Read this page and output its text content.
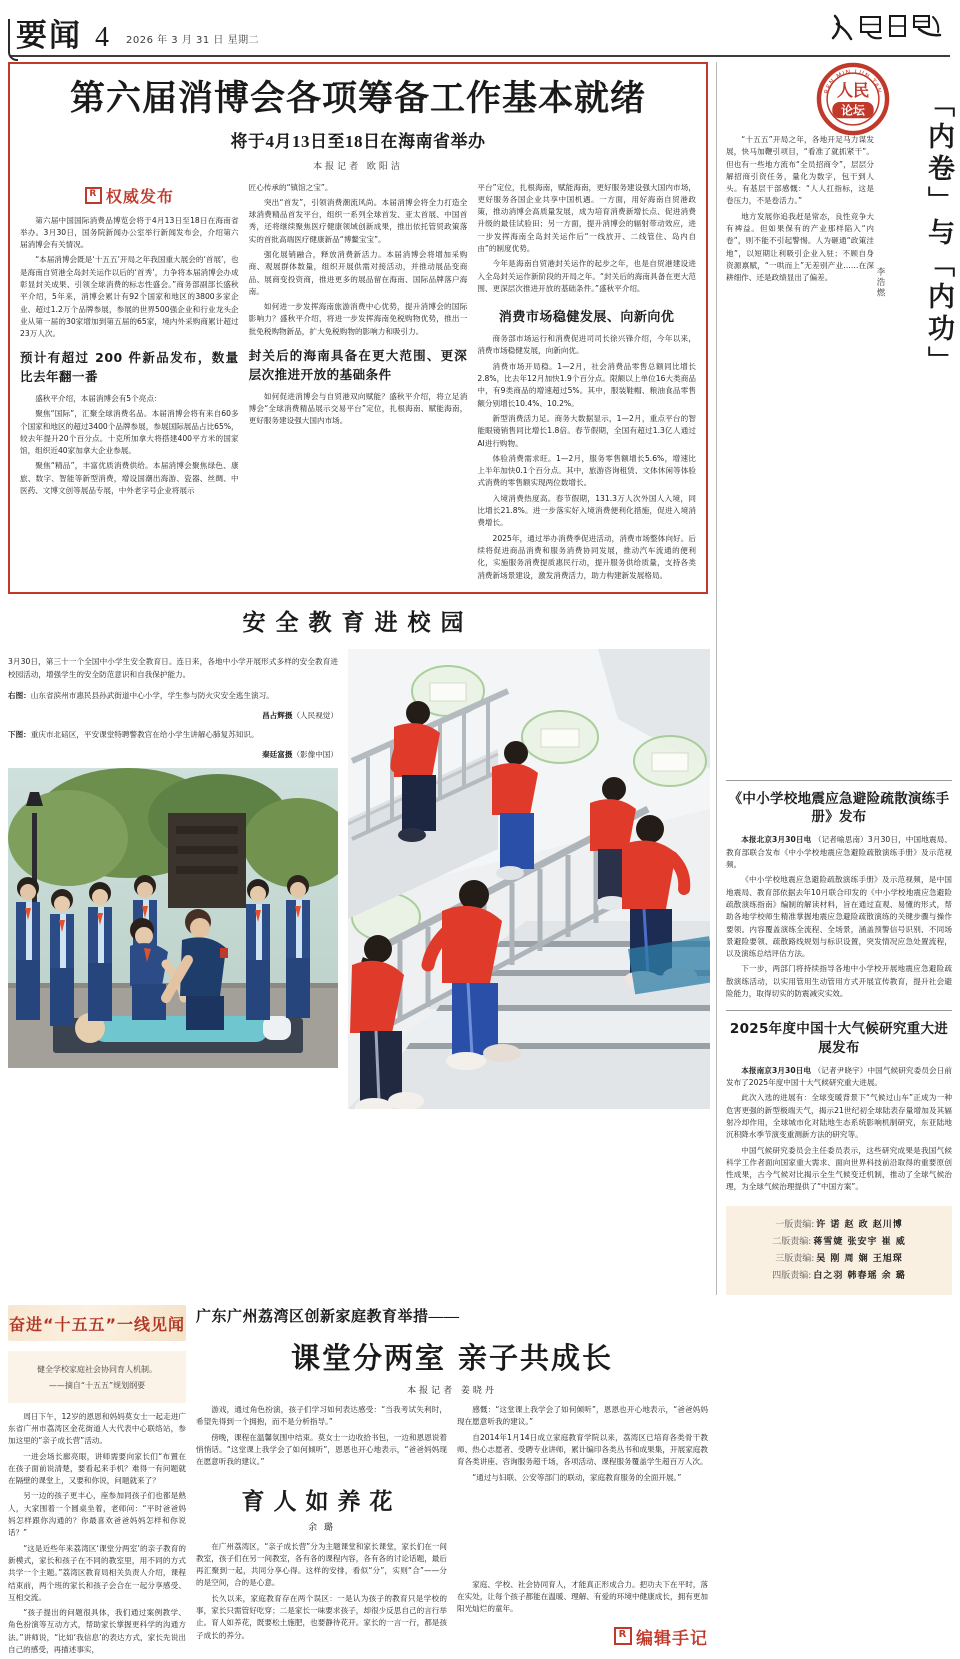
要闻 4 2026 年 3 月 31 日 星期二
第六届消博会各项筹备工作基本就绪
将于4月13日至18日在海南省举办
本报记者 欧阳洁
R 权威发布

第六届中国国际消费品博览会将于4月13日至18日在海南省举办。3月30日，国务院新闻办公室举行新闻发布会，介绍第六届消博会有关情况。

“本届消博会既是‘十五五’开局之年我国重大展会的‘首展’，也是海南自贸港全岛封关运作以后的‘首秀’，力争将本届消博会办成彰显封关成果、引领全球消费的标志性盛会。”商务部副部长盛秋平介绍，5年来，消博会累计有92个国家和地区的3800多家企业、超过1.2万个品牌参展，参展的世界500强企业和行业龙头企业从第一届的30家增加到第五届的65家，境内外采购商累计超过23万人次。

预计有超过 200 件新品发布，数量比去年翻一番

盛秋平介绍，本届消博会有5个亮点：

聚焦“国际”，汇聚全球消费名品。本届消博会将有来自60多个国家和地区的超过3400个品牌参展，参展国际展品占比65%，较去年提升20个百分点。十克所加拿大将搭建400平方米的国家馆，组织近40家加拿大企业参展。

聚焦“精品”，丰富优质消费供给。本届消博会聚焦绿色、康旅、数字、智能等新型消费，增设国潮出海游、瓷器、丝绸、中医药、文博文创等展品专展，中外老字号企业将展示

匠心传承的“镇馆之宝”。

突出“首发”，引领消费潮流风尚。本届消博会将全力打造全球消费精品首发平台，组织一系列全球首发、亚太首展、中国首秀，还将继续聚焦医疗健康领域创新成果，推出依托管贸政策落实的首批高端医疗健康新品“博鳌宝宝”。

强化展销融合，释放消费新活力。本届消博会将增加采购商、观展群体数量，组织开展供需对接活动，并推动展品变商品、展商变投资商，推进更多的展品留在海南、国际品牌落户海南。

如何进一步发挥海南旅游消费中心优势，提升消博会的国际影响力？盛秋平介绍，将进一步发挥海南免税购物优势，推出一批免税购物新品，扩大免税购物的影响力和吸引力。

封关后的海南具备在更大范围、更深层次推进开放的基础条件

如何促进消博会与自贸港双向赋能？盛秋平介绍，将立足消博会“全球消费精品展示交易平台”定位，扎根海南、赋能海南，更好服务建设强大国内市场。

平台”定位，扎根海南，赋能海南，更好服务建设强大国内市场，更好服务各国企业共享中国机遇。一方面，用好海南自贸港政策，推动消博会高质量发展，成为培育消费新增长点、促进消费升级的最佳试验田；另一方面，提升消博会的辐射带动效应，进一步发挥海南全岛封关运作后“一线放开、二线管住、岛内自由”的制度优势。

今年是海南自贸港封关运作的起步之年，也是自贸港建设进入全岛封关运作新阶段的开局之年。“封关后的海南具备在更大范围、更深层次推进开放的基础条件。”盛秋平介绍。

消费市场稳健发展、向新向优

商务部市场运行和消费促进司司长徐兴锋介绍，今年以来，消费市场稳健发展，向新向优。

消费市场开局稳。1—2月，社会消费品零售总额同比增长2.8%，比去年12月加快1.9个百分点。限额以上单位16大类商品中，有9类商品的增速超过5%。其中，服装鞋帽、粮油食品零售额分别增长10.4%、10.2%。

新型消费活力足。商务大数据显示，1—2月，重点平台的智能眼镜销售同比增长1.8倍。春节假期，全国有超过1.3亿人通过AI进行购物。

体验消费需求旺。1—2月，服务零售额增长5.6%，增速比上半年加快0.1个百分点。其中，旅游咨询租赁、文体休闲等体验式消费的零售额实现两位数增长。

入境消费热度高。春节假期，131.3万人次外国人入境，同比增长21.8%。进一步落实好入境消费便利化措施，促进入境消费增长。

2025年，通过举办消费季促进活动，消费市场整体向好。后续将促进商品消费和服务消费协同发展，推动汽车流通的便利化，实施服务消费提质惠民行动，提升服务供给质量，支持各类消费新场景建设，激发消费活力，助力构建新发展格局。

安全教育进校园

3月30日，第三十一个全国中小学生安全教育日。连日来，各地中小学开展形式多样的安全教育进校园活动，增强学生的安全防范意识和自我保护能力。

右图：山东省滨州市惠民县孙武街道中心小学，学生参与防火灾安全逃生演习。

昌占辉摄（人民视觉）

下图：重庆市北碚区，平安课堂特聘警教官在给小学生讲解心肺复苏知识。

秦廷富摄（影像中国）

REN MIN LUN TAN
人民
论坛

“十五五”开局之年，各地开足马力谋发展，快马加鞭引项目，“看准了就抓紧干”。但也有一些地方流布“全员招商令”，层层分解招商引资任务，量化为数字，包干到人头。有基层干部感慨：“人人扛指标，这是卷压力，不是卷活力。”

地方发展你追我赶是常态，良性竞争大有裨益。但如果保有的产业那样陷入“内卷”，则不能不引起警惕。人为砸通“政策洼地”，以短期让利吸引企业入驻；不顾自身资源禀赋，“一哄而上”无差别产业……在深耕细作、还是政绩显出了偏差。	「内卷」与「内功」
李浩燃
《中小学校地震应急避险疏散演练手册》发布

本报北京3月30日电 （记者喻思南）3月30日，中国地震局、教育部联合发布《中小学校地震应急避险疏散演练手册》及示范视频。

《中小学校地震应急避险疏散演练手册》及示范视频，是中国地震局、教育部依据去年10月联合印发的《中小学校地震应急避险疏散演练指南》编制的解读材料，旨在通过直观、易懂的形式，帮助各地学校师生精准掌握地震应急避险疏散演练的关键步骤与操作要领。内容覆盖演练全流程、全场景，涵盖预警信号识别、不同场景避险要领、疏散路线规划与标识设置，突发情况应急处置流程，以及演练总结评估方法。

下一步，两部门将持续指导各地中小学校开展地震应急避险疏散演练活动，以实用管用生动管用方式开展宣传教育，提升社会避险能力，取得切实的防震减灾实效。

2025年度中国十大气候研究重大进展发布

本报南京3月30日电 （记者尹晓宇）中国气候研究委员会日前发布了2025年度中国十大气候研究重大进展。

此次入选的进展有：全球变暖背景下“气候过山车”正成为一种危害更强的新型极端天气，揭示21世纪初全球陆表存量增加及其辐射冷却作用，全球城市化对陆地生态系统影响机制研究，东亚陆地沉积降水季节演变重测新方法的研究等。

中国气候研究委员会主任委员表示，这些研究成果是我国气候科学工作者面向国家重大需求、面向世界科技前沿取得的重要原创性成果，古今气候对比揭示全生气候变迁机制，推动了全球气候治理，为全球气候治理提供了“中国方案”。

一版责编: 许 诺 赵 政 赵川博
二版责编: 蒋雪婕 张安宇 崔 威
三版责编: 吴 刚 周 娴 王旭琛
四版责编: 白之羽 韩春瑶 余 璐
奋进“十五五”一线见闻
健全学校家庭社会协同育人机制。
——摘自“十五五”规划纲要

周日下午，12岁的恩恩和妈妈莫女士一起走进广东省广州市荔湾区金花街道人大代表中心联络站，参加这里的“亲子成长营”活动。

一进会场长廊亮眼，讲师需要向家长们“布置在在孩子面前说清楚，要看起来手机？难得一有问题就在隔壁的课堂上，又要和你说，问题就来了？

另一边的孩子更丰心，座参加同孩子们也都是熟人，大家围着一个圆桌坐着，老师问：“平时爸爸妈妈怎样跟你沟通的？你最喜欢爸爸妈妈怎样和你说话？”

“这是近些年来荔湾区‘课堂分两室’的亲子教育的新模式，家长和孩子在不同的教室里，用不同的方式共学一个主题。”荔湾区教育局相关负责人介绍，课程结束前，两个班的家长和孩子会合在一起分享感受、互相交流。

“孩子提出的问题很具体，我们通过案例教学、角色扮演等互动方式，帮助家长掌握更科学的沟通方法。”讲师说，“比如‘我信息’的表达方式，家长先说出自己的感受，再描述事实，

广东广州荔湾区创新家庭教育举措——
课堂分两室 亲子共成长
本报记者 姜晓丹

游戏，通过角色扮演，孩子们学习如何表达感受：“当我考试失利时，希望先得到一个拥抱，而不是分析指导。”

傍晚，课程在温馨氛围中结束。莫女士一边收拾书包，一边和恩恩说着悄悄话。“这堂课上我学会了如何倾听”，恩恩也开心地表示，“爸爸妈妈现在愿意听我的建议。”

育人如养花
余 璐

在广州荔湾区，“亲子成长营”分为主题课堂和家长课堂，家长们在一间教室，孩子们在另一间教室，各有各的课程内容，各有各的讨论话题，最后再汇聚到一起，共同分享心得。这样的安排，看似“分”，实则“合”——分的是空间，合的是心意。

长久以来，家庭教育存在两个误区：一是认为孩子的教育只是学校的事，家长只需管好吃穿；二是家长一味要求孩子，却很少反思自己的言行举止。育人如养花，既要松土施肥，也要静待花开。家长的一言一行，都是孩子成长的养分。

感慨：“这堂课上我学会了如何倾听”，恩恩也开心地表示，“爸爸妈妈现在愿意听我的建议。”

自2014年1月14日成立家庭教育学院以来，荔湾区已培育各类骨干教师、热心志愿者、受聘专业讲师，累计编印各类丛书和成果集，开展家庭教育各类讲座、咨询服务超千场，各项活动、课程服务覆盖学生超百万人次。

“通过与妇联、公安等部门的联动，家庭教育服务的全面开展。”

家庭、学校、社会协同育人，才能真正形成合力。把功夫下在平时，落在实处，让每个孩子都能在温暖、理解、有爱的环境中健康成长，拥有更加阳光灿烂的童年。

R 编辑手记
